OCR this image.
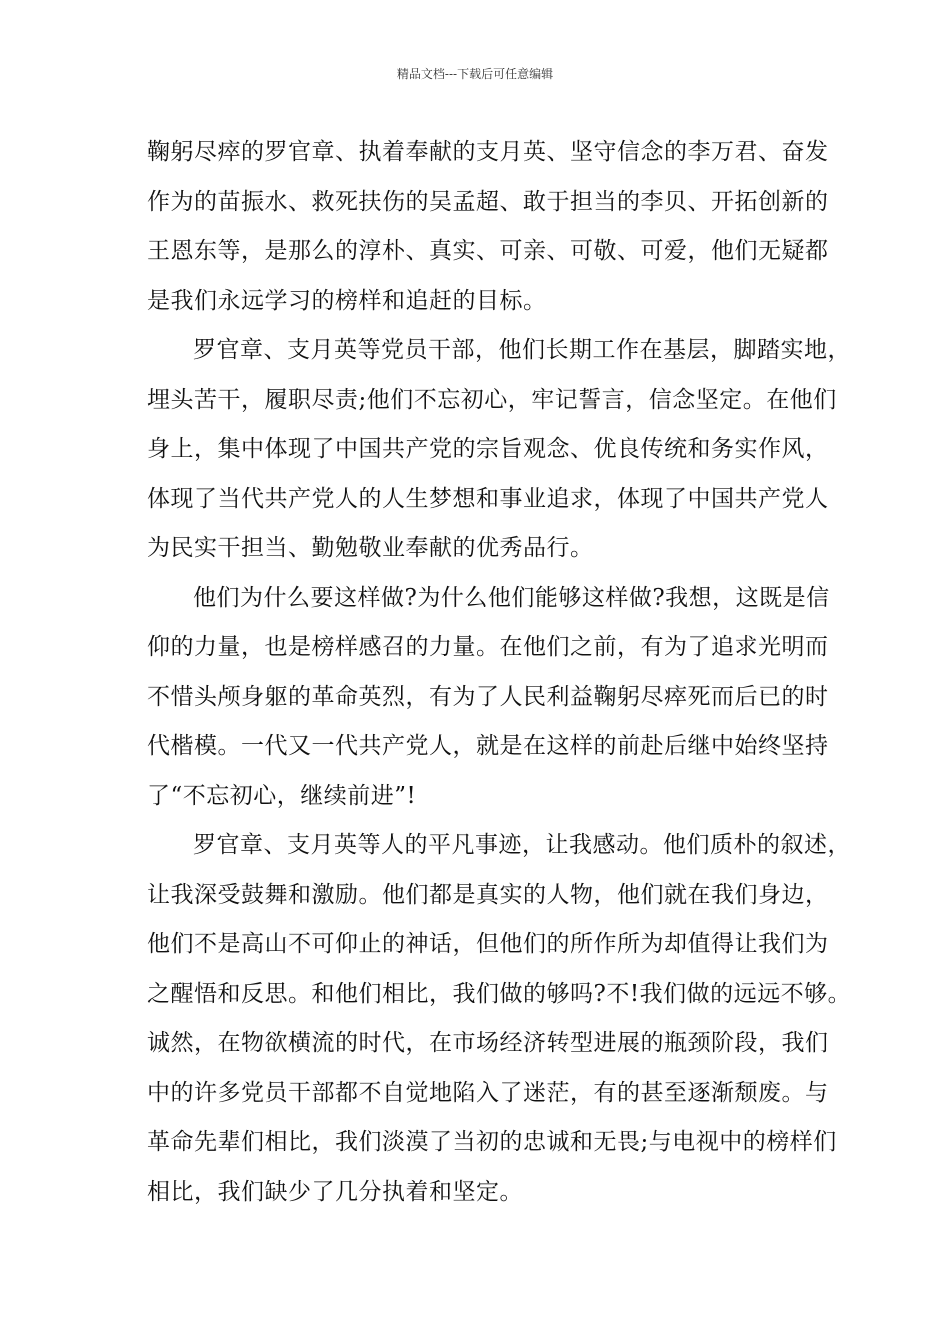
精品文档---下载后可任意编辑
鞠躬尽瘁的罗官章、执着奉献的支月英、坚守信念的李万君、奋发
作为的苗振水、救死扶伤的吴孟超、敢于担当的李贝、开拓创新的
王恩东等，是那么的淳朴、真实、可亲、可敬、可爱，他们无疑都
是我们永远学习的榜样和追赶的目标。
罗官章、支月英等党员干部，他们长期工作在基层，脚踏实地，
埋头苦干，履职尽责;他们不忘初心，牢记誓言，信念坚定。在他们
身上，集中体现了中国共产党的宗旨观念、优良传统和务实作风，
体现了当代共产党人的人生梦想和事业追求，体现了中国共产党人
为民实干担当、勤勉敬业奉献的优秀品行。
他们为什么要这样做?为什么他们能够这样做?我想，这既是信
仰的力量，也是榜样感召的力量。在他们之前，有为了追求光明而
不惜头颅身躯的革命英烈，有为了人民利益鞠躬尽瘁死而后已的时
代楷模。一代又一代共产党人，就是在这样的前赴后继中始终坚持
了“不忘初心，继续前进”!
罗官章、支月英等人的平凡事迹，让我感动。他们质朴的叙述，
让我深受鼓舞和激励。他们都是真实的人物，他们就在我们身边，
他们不是高山不可仰止的神话，但他们的所作所为却值得让我们为
之醒悟和反思。和他们相比，我们做的够吗?不!我们做的远远不够。
诚然，在物欲横流的时代，在市场经济转型进展的瓶颈阶段，我们
中的许多党员干部都不自觉地陷入了迷茫，有的甚至逐渐颓废。与
革命先辈们相比，我们淡漠了当初的忠诚和无畏;与电视中的榜样们
相比，我们缺少了几分执着和坚定。
